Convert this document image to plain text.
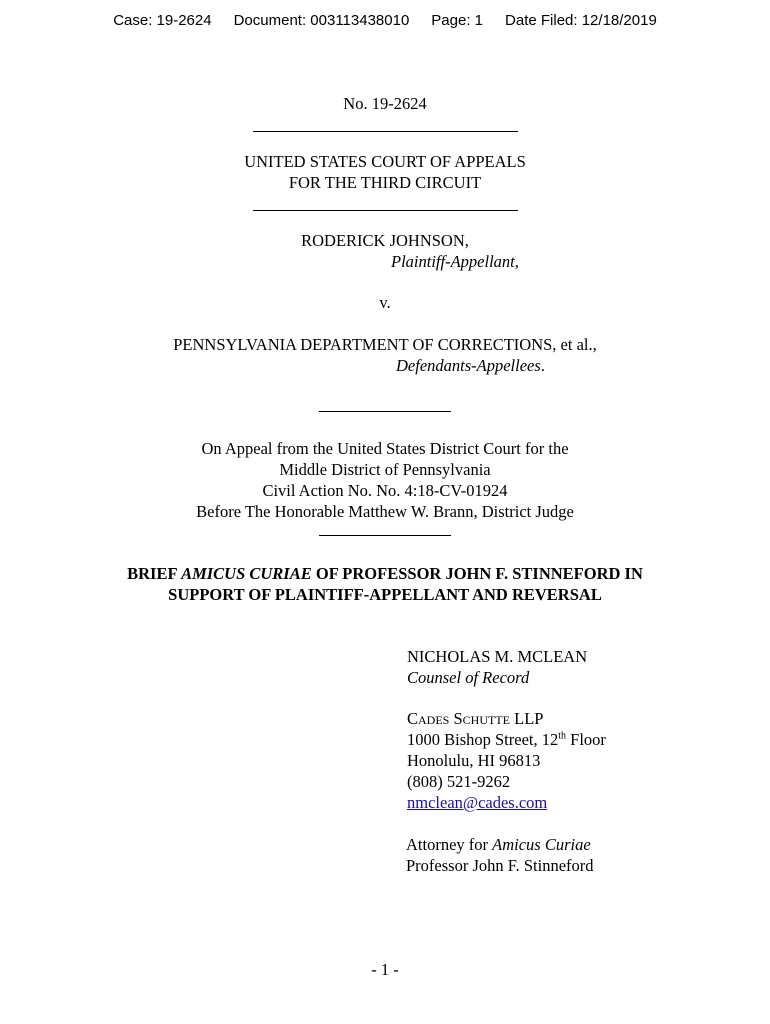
Case: 19-2624 Document: 003113438010 Page: 1 Date Filed: 12/18/2019
No. 19-2624
UNITED STATES COURT OF APPEALS
FOR THE THIRD CIRCUIT
RODERICK JOHNSON,
Plaintiff-Appellant,
v.
PENNSYLVANIA DEPARTMENT OF CORRECTIONS, et al.,
Defendants-Appellees.
On Appeal from the United States District Court for the
Middle District of Pennsylvania
Civil Action No. No. 4:18-CV-01924
Before The Honorable Matthew W. Brann, District Judge
BRIEF AMICUS CURIAE OF PROFESSOR JOHN F. STINNEFORD IN
SUPPORT OF PLAINTIFF-APPELLANT AND REVERSAL
NICHOLAS M. MCLEAN
Counsel of Record
Cades Schutte LLP
1000 Bishop Street, 12th Floor
Honolulu, HI 96813
(808) 521-9262
nmclean@cades.com
Attorney for Amicus Curiae
Professor John F. Stinneford
- 1 -
